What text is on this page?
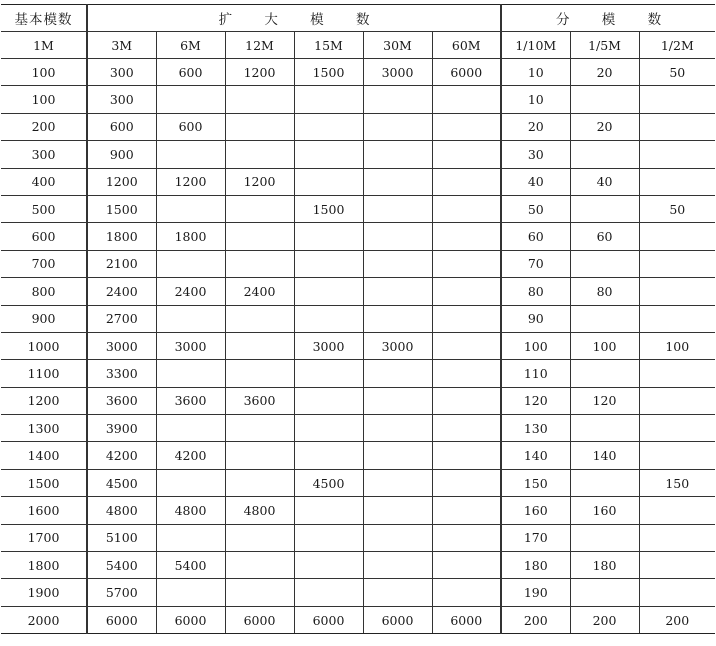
基本模数	扩 大 模 数						分 模 数		
1M	3M	6M	12M	15M	30M	60M	1/10M	1/5M	1/2M
100	300	600	1200	1500	3000	6000	10	20	50
100	300						10		
200	600	600					20	20	
300	900						30		
400	1200	1200	1200				40	40	
500	1500			1500			50		50
600	1800	1800					60	60	
700	2100						70		
800	2400	2400	2400				80	80	
900	2700						90		
1000	3000	3000		3000	3000		100	100	100
1100	3300						110		
1200	3600	3600	3600				120	120	
1300	3900						130		
1400	4200	4200					140	140	
1500	4500			4500			150		150
1600	4800	4800	4800				160	160	
1700	5100						170		
1800	5400	5400					180	180	
1900	5700						190		
2000	6000	6000	6000	6000	6000	6000	200	200	200
